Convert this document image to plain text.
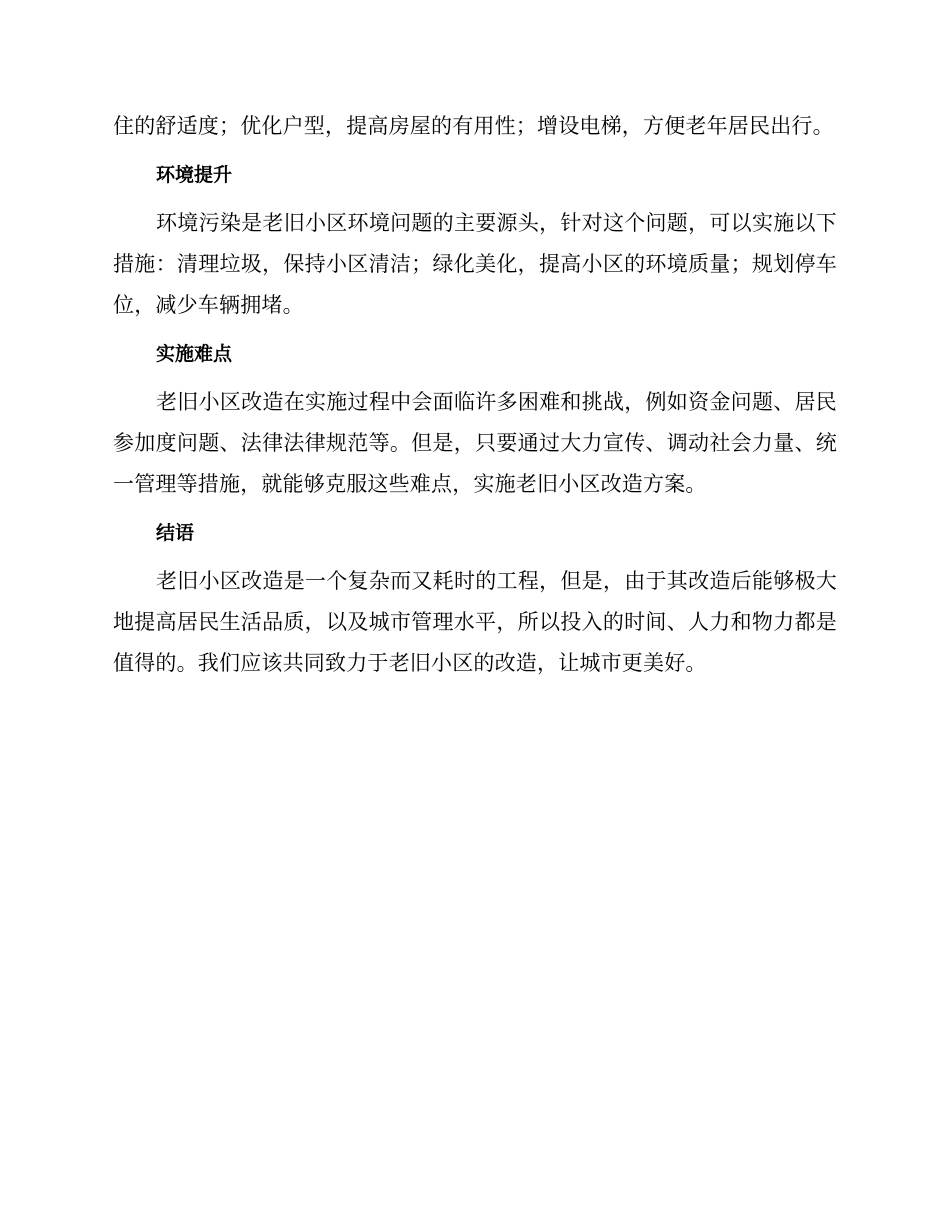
住的舒适度；优化户型，提高房屋的有用性；增设电梯，方便老年居民出行。

环境提升

环境污染是老旧小区环境问题的主要源头，针对这个问题，可以实施以下措施：清理垃圾，保持小区清洁；绿化美化，提高小区的环境质量；规划停车位，减少车辆拥堵。

实施难点

老旧小区改造在实施过程中会面临许多困难和挑战，例如资金问题、居民参加度问题、法律法律规范等。但是，只要通过大力宣传、调动社会力量、统一管理等措施，就能够克服这些难点，实施老旧小区改造方案。

结语

老旧小区改造是一个复杂而又耗时的工程，但是，由于其改造后能够极大地提高居民生活品质，以及城市管理水平，所以投入的时间、人力和物力都是值得的。我们应该共同致力于老旧小区的改造，让城市更美好。
